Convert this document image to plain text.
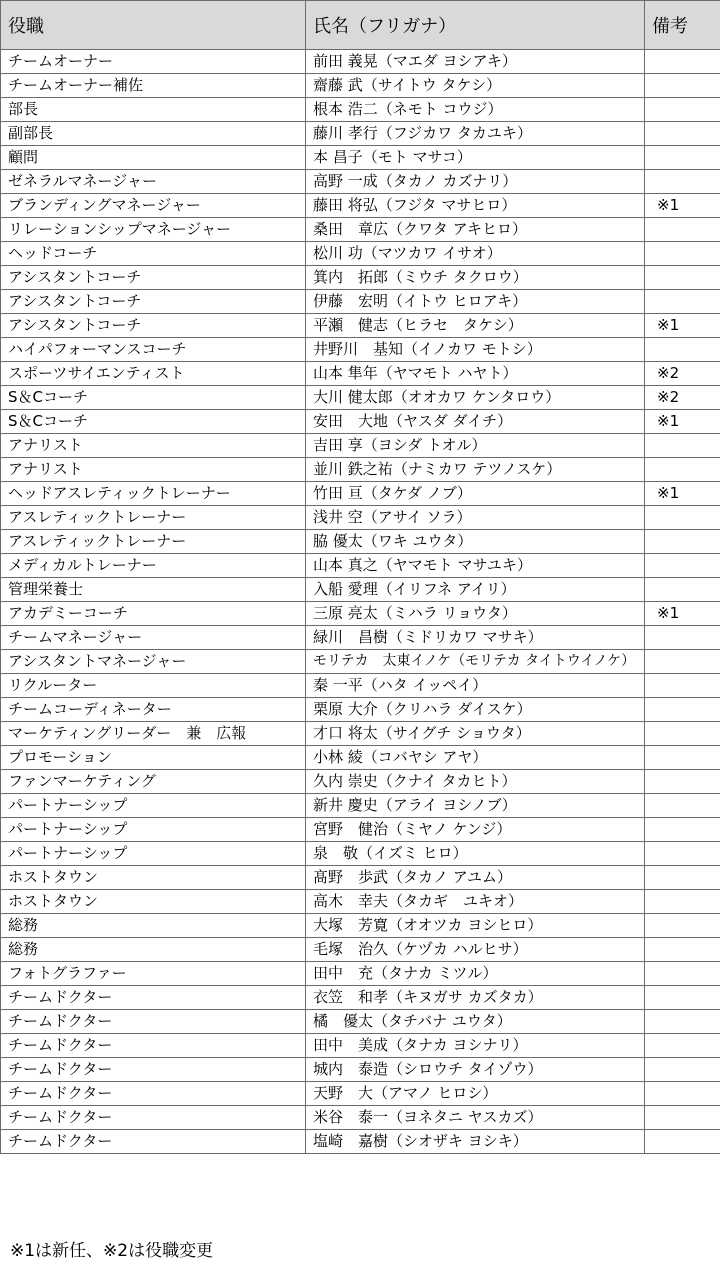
役職	氏名（フリガナ）	備考
チームオーナー	前田 義晃（マエダ ヨシアキ）	
チームオーナー補佐	齋藤 武（サイトウ タケシ）	
部長	根本 浩二（ネモト コウジ）	
副部長	藤川 孝行（フジカワ タカユキ）	
顧問	本 昌子（モト マサコ）	
ゼネラルマネージャー	高野 一成（タカノ カズナリ）	
ブランディングマネージャー	藤田 将弘（フジタ マサヒロ）	※1
リレーションシップマネージャー	桑田　章広（クワタ アキヒロ）	
ヘッドコーチ	松川 功（マツカワ イサオ）	
アシスタントコーチ	箕内　拓郎（ミウチ タクロウ）	
アシスタントコーチ	伊藤　宏明（イトウ ヒロアキ）	
アシスタントコーチ	平瀬　健志（ヒラセ　タケシ）	※1
ハイパフォーマンスコーチ	井野川　基知（イノカワ モトシ）	
スポーツサイエンティスト	山本 隼年（ヤマモト ハヤト）	※2
S＆Cコーチ	大川 健太郎（オオカワ ケンタロウ）	※2
S＆Cコーチ	安田　大地（ヤスダ ダイチ）	※1
アナリスト	吉田 享（ヨシダ トオル）	
アナリスト	並川 鉄之祐（ナミカワ テツノスケ）	
ヘッドアスレティックトレーナー	竹田 亘（タケダ ノブ）	※1
アスレティックトレーナー	浅井 空（アサイ ソラ）	
アスレティックトレーナー	脇 優太（ワキ ユウタ）	
メディカルトレーナー	山本 真之（ヤマモト マサユキ）	
管理栄養士	入船 愛理（イリフネ アイリ）	
アカデミーコーチ	三原 亮太（ミハラ リョウタ）	※1
チームマネージャー	緑川　昌樹（ミドリカワ マサキ）	
アシスタントマネージャー	モリテカ　太東イノケ（モリテカ タイトウイノケ）	
リクルーター	秦 一平（ハタ イッペイ）	
チームコーディネーター	栗原 大介（クリハラ ダイスケ）	
マーケティングリーダー　兼　広報	才口 将太（サイグチ ショウタ）	
プロモーション	小林 綾（コバヤシ アヤ）	
ファンマーケティング	久内 崇史（クナイ タカヒト）	
パートナーシップ	新井 慶史（アライ ヨシノブ）	
パートナーシップ	宮野　健治（ミヤノ ケンジ）	
パートナーシップ	泉　敬（イズミ ヒロ）	
ホストタウン	髙野　歩武（タカノ アユム）	
ホストタウン	高木　幸夫（タカギ　ユキオ）	
総務	大塚　芳寛（オオツカ ヨシヒロ）	
総務	毛塚　治久（ケヅカ ハルヒサ）	
フォトグラファー	田中　充（タナカ ミツル）	
チームドクター	衣笠　和孝（キヌガサ カズタカ）	
チームドクター	橘　優太（タチバナ ユウタ）	
チームドクター	田中　美成（タナカ ヨシナリ）	
チームドクター	城内　泰造（シロウチ タイゾウ）	
チームドクター	天野　大（アマノ ヒロシ）	
チームドクター	米谷　泰一（ヨネタニ ヤスカズ）	
チームドクター	塩崎　嘉樹（シオザキ ヨシキ）	
※1は新任、※2は役職変更
